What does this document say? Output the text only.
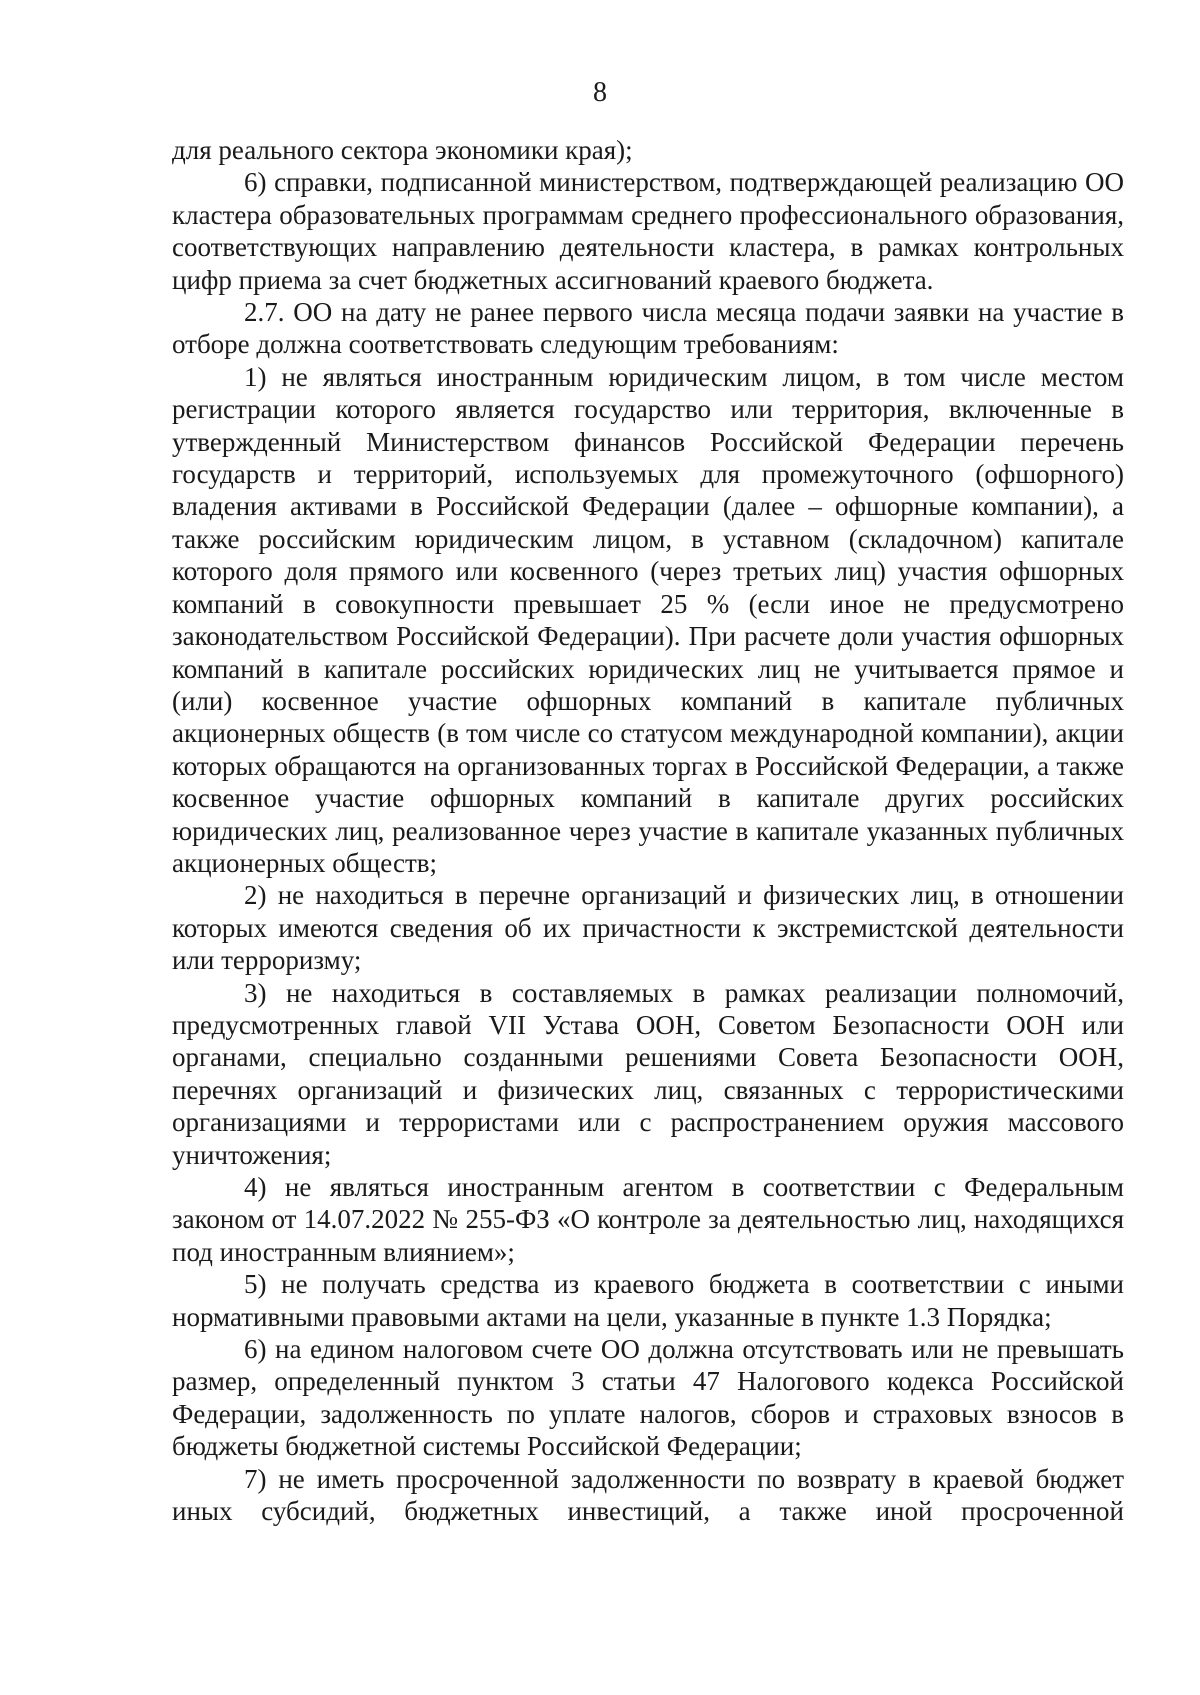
8

для реального сектора экономики края);

6) справки, подписанной министерством, подтверждающей реализацию ОО кластера образовательных программам среднего профессионального образования, соответствующих направлению деятельности кластера, в рамках контрольных цифр приема за счет бюджетных ассигнований краевого бюджета.

2.7. ОО на дату не ранее первого числа месяца подачи заявки на участие в отборе должна соответствовать следующим требованиям:

1) не являться иностранным юридическим лицом, в том числе местом регистрации которого является государство или территория, включенные в утвержденный Министерством финансов Российской Федерации перечень государств и территорий, используемых для промежуточного (офшорного) владения активами в Российской Федерации (далее – офшорные компании), а также российским юридическим лицом, в уставном (складочном) капитале которого доля прямого или косвенного (через третьих лиц) участия офшорных компаний в совокупности превышает 25 % (если иное не предусмотрено законодательством Российской Федерации). При расчете доли участия офшорных компаний в капитале российских юридических лиц не учитывается прямое и (или) косвенное участие офшорных компаний в капитале публичных акционерных обществ (в том числе со статусом международной компании), акции которых обращаются на организованных торгах в Российской Федерации, а также косвенное участие офшорных компаний в капитале других российских юридических лиц, реализованное через участие в капитале указанных публичных акционерных обществ;

2) не находиться в перечне организаций и физических лиц, в отношении которых имеются сведения об их причастности к экстремистской деятельности или терроризму;

3) не находиться в составляемых в рамках реализации полномочий, предусмотренных главой VII Устава ООН, Советом Безопасности ООН или органами, специально созданными решениями Совета Безопасности ООН, перечнях организаций и физических лиц, связанных с террористическими организациями и террористами или с распространением оружия массового уничтожения;

4) не являться иностранным агентом в соответствии с Федеральным законом от 14.07.2022 № 255-ФЗ «О контроле за деятельностью лиц, находящихся под иностранным влиянием»;

5) не получать средства из краевого бюджета в соответствии с иными нормативными правовыми актами на цели, указанные в пункте 1.3 Порядка;

6) на едином налоговом счете ОО должна отсутствовать или не превышать размер, определенный пунктом 3 статьи 47 Налогового кодекса Российской Федерации, задолженность по уплате налогов, сборов и страховых взносов в бюджеты бюджетной системы Российской Федерации;

7) не иметь просроченной задолженности по возврату в краевой бюджет иных субсидий, бюджетных инвестиций, а также иной просроченной
